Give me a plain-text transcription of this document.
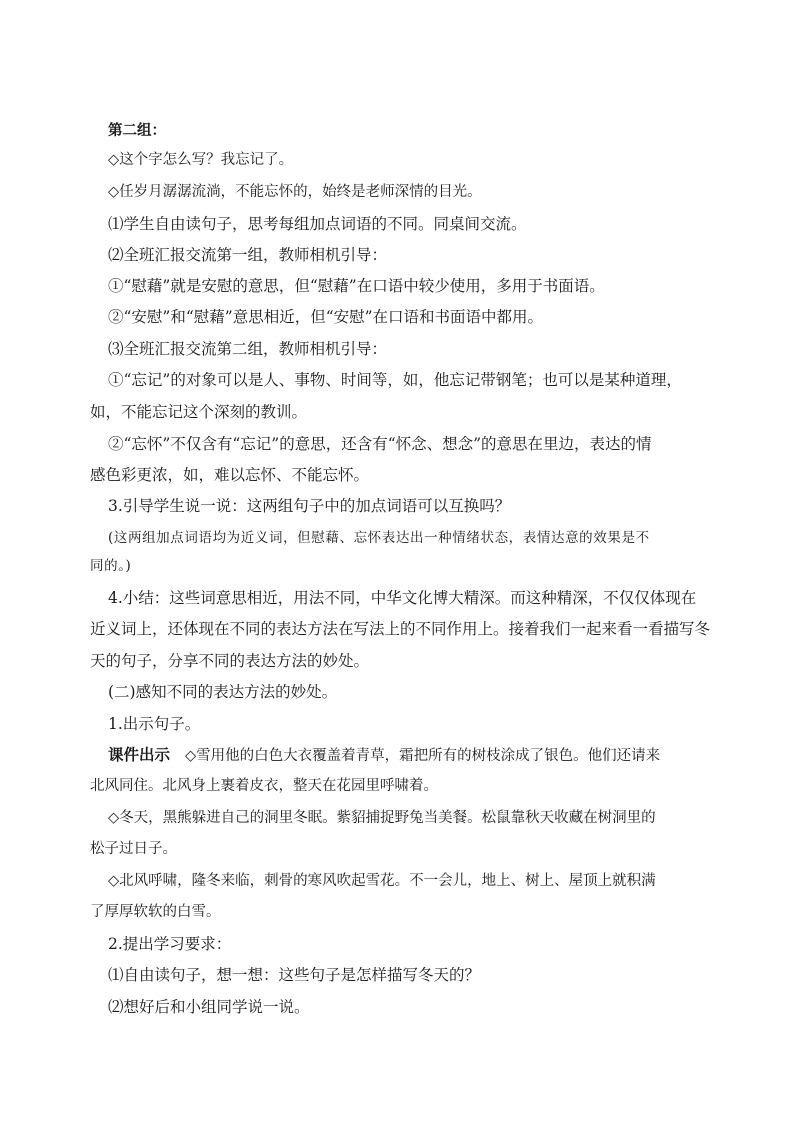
第二组：
◇这个字怎么写？我忘记了。
◇任岁月潺潺流淌，不能忘怀的，始终是老师深情的目光。
⑴学生自由读句子，思考每组加点词语的不同。同桌间交流。
⑵全班汇报交流第一组，教师相机引导：
①“慰藉”就是安慰的意思，但“慰藉”在口语中较少使用，多用于书面语。
②“安慰”和“慰藉”意思相近，但“安慰”在口语和书面语中都用。
⑶全班汇报交流第二组，教师相机引导：
①“忘记”的对象可以是人、事物、时间等，如，他忘记带钢笔；也可以是某种道理，
如，不能忘记这个深刻的教训。
②“忘怀”不仅含有“忘记”的意思，还含有“怀念、想念”的意思在里边，表达的情
感色彩更浓，如，难以忘怀、不能忘怀。
3.引导学生说一说：这两组句子中的加点词语可以互换吗？
(这两组加点词语均为近义词，但慰藉、忘怀表达出一种情绪状态，表情达意的效果是不
同的。)
4.小结：这些词意思相近，用法不同，中华文化博大精深。而这种精深，不仅仅体现在
近义词上，还体现在不同的表达方法在写法上的不同作用上。接着我们一起来看一看描写冬
天的句子，分享不同的表达方法的妙处。
(二)感知不同的表达方法的妙处。
1.出示句子。
课件出示 ◇雪用他的白色大衣覆盖着青草，霜把所有的树枝涂成了银色。他们还请来
北风同住。北风身上裹着皮衣，整天在花园里呼啸着。
◇冬天，黑熊躲进自己的洞里冬眠。紫貂捕捉野兔当美餐。松鼠靠秋天收藏在树洞里的
松子过日子。
◇北风呼啸，隆冬来临，刺骨的寒风吹起雪花。不一会儿，地上、树上、屋顶上就积满
了厚厚软软的白雪。
2.提出学习要求：
⑴自由读句子，想一想：这些句子是怎样描写冬天的？
⑵想好后和小组同学说一说。
